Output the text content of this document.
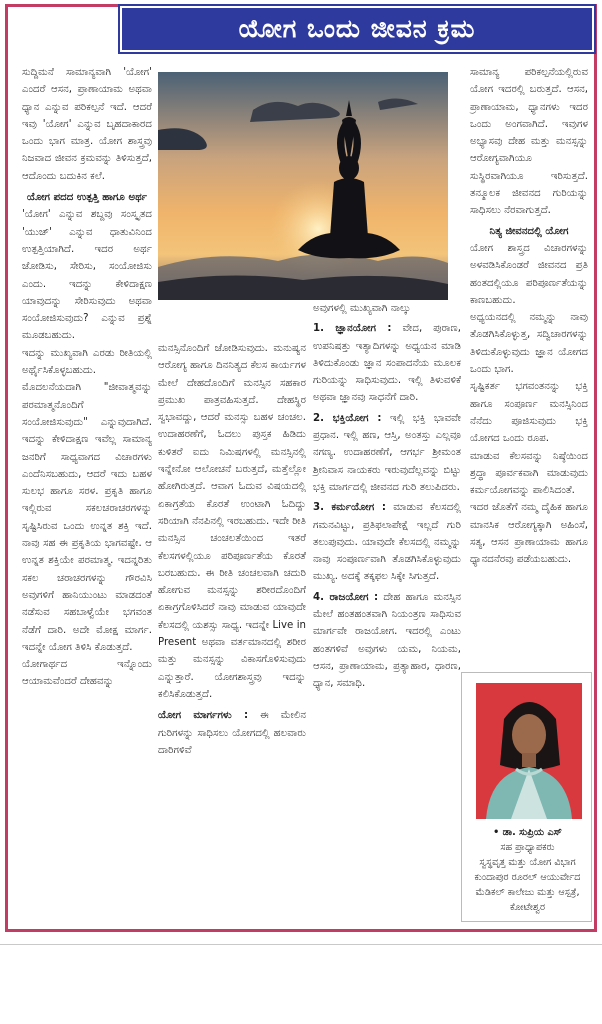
ಯೋಗ ಒಂದು ಜೀವನ ಕ್ರಮ

ಸುದ್ದಿಮನೆ ಸಾಮಾನ್ಯವಾಗಿ 'ಯೋಗ' ಎಂದರೆ ಆಸನ, ಪ್ರಾಣಾಯಾಮ ಅಥವಾ ಧ್ಯಾನ ಎನ್ನುವ ಪರಿಕಲ್ಪನೆ ಇದೆ. ಆದರೆ ಇವು 'ಯೋಗ' ಎನ್ನುವ ಬೃಹದಾಕಾರದ ಒಂದು ಭಾಗ ಮಾತ್ರ. ಯೋಗ ಶಾಸ್ತ್ರವು ನಿಜವಾದ ಜೀವನ ಕ್ರಮವನ್ನು ತಿಳಿಸುತ್ತದೆ, ಆದೊಂದು ಬದುಕಿನ ಕಲೆ.

ಯೋಗ ಪದದ ಉತ್ಪತ್ತಿ ಹಾಗೂ ಅರ್ಥ

'ಯೋಗ' ಎನ್ನುವ ಶಬ್ದವು ಸಂಸ್ಕೃತದ 'ಯುಜ್' ಎನ್ನುವ ಧಾತುವಿನಿಂದ ಉತ್ಪತ್ತಿಯಾಗಿದೆ. ಇದರ ಅರ್ಥ ಜೋಡಿಸು, ಸೇರಿಸು, ಸಂಯೋಜಿಸು ಎಂದು. ಇದನ್ನು ಕೇಳಿದಾಕ್ಷಣ ಯಾವುದನ್ನು ಸೇರಿಸುವುದು ಅಥವಾ ಸಂಯೋಜಿಸುವುದು? ಎನ್ನುವ ಪ್ರಶ್ನೆ ಮೂಡಬಹುದು.

ಇದನ್ನು ಮುಖ್ಯವಾಗಿ ಎರಡು ರೀತಿಯಲ್ಲಿ ಅರ್ಥೈಸಿಕೊಳ್ಳಬಹುದು. ಮೊದಲನೆಯದಾಗಿ "ಜೀವಾತ್ಮವನ್ನು ಪರಮಾತ್ಮನೊಂದಿಗೆ ಸಂಯೋಜಿಸುವುದು" ಎನ್ನುವುದಾಗಿದೆ. ಇದನ್ನು ಕೇಳಿದಾಕ್ಷಣ ಇವೆಲ್ಲ ಸಾಮಾನ್ಯ ಜನರಿಗೆ ಸಾಧ್ಯವಾಗದ ವಿಚಾರಗಳು ಎಂದೆನಿಸಬಹುದು, ಆದರೆ ಇದು ಬಹಳ ಸುಲಭ ಹಾಗೂ ಸರಳ. ಪ್ರಕೃತಿ ಹಾಗೂ ಇಲ್ಲಿರುವ ಸಕಲಚರಾಚರಗಳನ್ನು ಸೃಷ್ಟಿಸಿರುವ ಒಂದು ಉನ್ನತ ಶಕ್ತಿ ಇದೆ. ನಾವು ಸಹ ಈ ಪ್ರಕೃತಿಯ ಭಾಗವಷ್ಟೇ. ಆ ಉನ್ನತ ಶಕ್ತಿಯೇ ಪರಮಾತ್ಮ. ಇದನ್ನರಿತು ಸಕಲ ಚರಾಚರಗಳನ್ನು ಗೌರವಿಸಿ ಅವುಗಳಿಗೆ ಹಾನಿಯುಂಟು ಮಾಡದಂತೆ ನಡೆಸುವ ಸಹಬಾಳ್ವೆಯೇ ಭಗವಂತ ನೆಡೆಗೆ ದಾರಿ. ಅದೇ ಮೋಕ್ಷ ಮಾರ್ಗ. ಇದನ್ನೇ ಯೋಗ ತಿಳಿಸಿ ಕೊಡುತ್ತದೆ.

ಯೋಗಾರ್ಥದ ಇನ್ನೊಂದು ಆಯಾಮವೆಂದರೆ ದೇಹವನ್ನು

ಮನಸ್ಸಿನೊಂದಿಗೆ ಜೋಡಿಸುವುದು. ಮನುಷ್ಯನ ಆರೋಗ್ಯ ಹಾಗೂ ದಿನನಿತ್ಯದ ಕೆಲಸ ಕಾರ್ಯಗಳ ಮೇಲೆ ದೇಹದೊಂದಿಗೆ ಮನಸ್ಸಿನ ಸಹಕಾರ ಪ್ರಮುಖ ಪಾತ್ರವಹಿಸುತ್ತದೆ. ದೇಹಸ್ಥಿರ ಸ್ವಭಾವದ್ದು, ಆದರೆ ಮನಸ್ಸು ಬಹಳ ಚಂಚಲ. ಉದಾಹರಣೆಗೆ, ಓದಲು ಪುಸ್ತಕ ಹಿಡಿದು ಕುಳಿತರೆ ಐದು ನಿಮಿಷಗಳಲ್ಲಿ ಮನಸ್ಸಿನಲ್ಲಿ ಇನ್ನೇನೋ ಆಲೋಚನೆ ಬರುತ್ತದೆ, ಮತ್ತೆಲ್ಲೋ ಹೋಗಿರುತ್ತದೆ. ಆವಾಗ ಓದುವ ವಿಷಯದಲ್ಲಿ ಏಕಾಗ್ರತೆಯ ಕೊರತೆ ಉಂಟಾಗಿ ಓದಿದ್ದು ಸರಿಯಾಗಿ ನೆನಪಿನಲ್ಲಿ ಇರಬಹುದು. ಇದೇ ರೀತಿ ಮನಸ್ಸಿನ ಚಂಚಲತೆಯಿಂದ ಇತರೆ ಕೆಲಸಗಳಲ್ಲಿಯೂ ಪರಿಪೂರ್ಣತೆಯ ಕೊರತೆ ಬರಬಹುದು. ಈ ರೀತಿ ಚಂಚಲವಾಗಿ ಚದುರಿ ಹೋಗುವ ಮನಸ್ಸನ್ನು ಶರೀರದೊಂದಿಗೆ ಏಕಾಗ್ರಗೊಳಿಸಿದರೆ ನಾವು ಮಾಡುವ ಯಾವುದೇ ಕೆಲಸದಲ್ಲಿ ಯಶಸ್ಸು ಸಾಧ್ಯ. ಇದನ್ನೇ Live in Present ಅಥವಾ ವರ್ತಮಾನದಲ್ಲಿ ಶರೀರ ಮತ್ತು ಮನಸ್ಸನ್ನು ವಿಕಾಸಗೊಳಿಸುವುದು ಎನ್ನುತ್ತಾರೆ. ಯೋಗಶಾಸ್ತ್ರವು ಇದನ್ನು ಕಲಿಸಿಕೊಡುತ್ತದೆ.

ಯೋಗ ಮಾರ್ಗಗಳು : ಈ ಮೇಲಿನ ಗುರಿಗಳನ್ನು ಸಾಧಿಸಲು ಯೋಗದಲ್ಲಿ ಹಲವಾರು ದಾರಿಗಳಿವೆ

ಅವುಗಳಲ್ಲಿ ಮುಖ್ಯವಾಗಿ ನಾಲ್ಕು

1. ಜ್ಞಾನಯೋಗ : ವೇದ, ಪುರಾಣ, ಉಪನಿಷತ್ತು ಇತ್ಯಾದಿಗಳನ್ನು ಅಧ್ಯಯನ ಮಾಡಿ ತಿಳಿದುಕೊಂಡು ಜ್ಞಾನ ಸಂಪಾದನೆಯ ಮೂಲಕ ಗುರಿಯನ್ನು ಸಾಧಿಸುವುದು. ಇಲ್ಲಿ ತಿಳುವಳಿಕೆ ಅಥವಾ ಜ್ಞಾನವು ಸಾಧನೆಗೆ ದಾರಿ.

2. ಭಕ್ತಿಯೋಗ : ಇಲ್ಲಿ ಭಕ್ತಿ ಭಾವವೇ ಪ್ರಧಾನ. ಇಲ್ಲಿ ಹಣ, ಆಸ್ತಿ, ಅಂತಸ್ತು ಎಲ್ಲವೂ ನಗಣ್ಯ. ಉದಾಹರಣೆಗೆ, ಆಗರ್ಭ ಶ್ರೀಮಂತ ಶ್ರೀನಿವಾಸ ನಾಯಕರು ಇರುವುದೆಲ್ಲವನ್ನು ಬಿಟ್ಟು ಭಕ್ತಿ ಮಾರ್ಗದಲ್ಲಿ ಜೀವನದ ಗುರಿ ತಲುಪಿದರು.

3. ಕರ್ಮಯೋಗ : ಮಾಡುವ ಕೆಲಸದಲ್ಲಿ ಗಮನವಿಟ್ಟು, ಪ್ರತಿಫಲಾಪೇಕ್ಷೆ ಇಲ್ಲದೆ ಗುರಿ ತಲುಪುವುದು. ಯಾವುದೇ ಕೆಲಸದಲ್ಲಿ ನಮ್ಮನ್ನು ನಾವು ಸಂಪೂರ್ಣವಾಗಿ ತೊಡಗಿಸಿಕೊಳ್ಳುವುದು ಮುಖ್ಯ. ಅದಕ್ಕೆ ತಕ್ಕಫಲ ಸಿಕ್ಕೇ ಸಿಗುತ್ತದೆ.

4. ರಾಜಯೋಗ : ದೇಹ ಹಾಗೂ ಮನಸ್ಸಿನ ಮೇಲೆ ಹಂತಹಂತವಾಗಿ ನಿಯಂತ್ರಣ ಸಾಧಿಸುವ ಮಾರ್ಗವೇ ರಾಜಯೋಗ. ಇದರಲ್ಲಿ ಎಂಟು ಹಂತಗಳಿವೆ ಅವುಗಳು ಯಮ, ನಿಯಮ, ಆಸನ, ಪ್ರಾಣಾಯಾಮ, ಪ್ರತ್ಯಾಹಾರ, ಧಾರಣ, ಧ್ಯಾನ, ಸಮಾಧಿ.

ಸಾಮಾನ್ಯ ಪರಿಕಲ್ಪನೆಯಲ್ಲಿರುವ ಯೋಗ ಇದರಲ್ಲಿ ಬರುತ್ತದೆ. ಆಸನ, ಪ್ರಾಣಾಯಾಮ, ಧ್ಯಾನಗಳು ಇದರ ಒಂದು ಅಂಗವಾಗಿದೆ. ಇವುಗಳ ಅಭ್ಯಾಸವು ದೇಹ ಮತ್ತು ಮನಸ್ಸನ್ನು ಆರೋಗ್ಯವಾಗಿಯೂ ಸುಸ್ಥಿರವಾಗಿಯೂ ಇರಿಸುತ್ತದೆ. ತನ್ಮೂಲಕ ಜೀವನದ ಗುರಿಯನ್ನು ಸಾಧಿಸಲು ನೆರವಾಗುತ್ತದೆ.

ನಿತ್ಯ ಜೀವನದಲ್ಲಿ ಯೋಗ

ಯೋಗ ಶಾಸ್ತ್ರದ ವಿಚಾರಗಳನ್ನು ಅಳವಡಿಸಿಕೊಂಡರೆ ಜೀವನದ ಪ್ರತಿ ಹಂತದಲ್ಲಿಯೂ ಪರಿಪೂರ್ಣತೆಯನ್ನು ಕಾಣಬಹುದು.

ಅಧ್ಯಯನದಲ್ಲಿ ನಮ್ಮನ್ನು ನಾವು ತೊಡಗಿಸಿಕೊಳ್ಳುತ್ತ, ಸದ್ವಿಚಾರಗಳನ್ನು ತಿಳಿದುಕೊಳ್ಳುವುದು ಜ್ಞಾನ ಯೋಗದ ಒಂದು ಭಾಗ.

ಸೃಷ್ಟಿಕರ್ತ ಭಗವಂತನನ್ನು ಭಕ್ತಿ ಹಾಗೂ ಸಂಪೂರ್ಣ ಮನಸ್ಸಿನಿಂದ ನೆನೆದು ಪೂಜಿಸುವುದು ಭಕ್ತಿ ಯೋಗದ ಒಂದು ರೂಪ.

ಮಾಡುವ ಕೆಲಸವನ್ನು ನಿಷ್ಠೆಯಿಂದ ಶ್ರದ್ಧಾ ಪೂರ್ವಕವಾಗಿ ಮಾಡುವುದು ಕರ್ಮಯೋಗವನ್ನು ಪಾಲಿಸಿದಂತೆ.

ಇದರ ಜೊತೆಗೆ ನಮ್ಮ ದೈಹಿಕ ಹಾಗೂ ಮಾನಸಿಕ ಆರೋಗ್ಯಕ್ಕಾಗಿ ಅಹಿಂಸೆ, ಸತ್ಯ, ಆಸನ ಪ್ರಾಣಾಯಾಮ ಹಾಗೂ ಧ್ಯಾನದನೆರವು ಪಡೆಯಬಹುದು.

• ಡಾ. ಸುಪ್ರಿಯ ಎಸ್
ಸಹ ಪ್ರಾಧ್ಯಾಪಕರು
ಸ್ವಸ್ಥವೃತ್ತ ಮತ್ತು ಯೋಗ ವಿಭಾಗ ಕುಂದಾಪುರ ರೂರಲ್ ಆಯುರ್ವೇದ ಮೆಡಿಕಲ್ ಕಾಲೇಜು ಮತ್ತು ಆಸ್ಪತ್ರೆ, ಕೋಟೇಶ್ವರ
